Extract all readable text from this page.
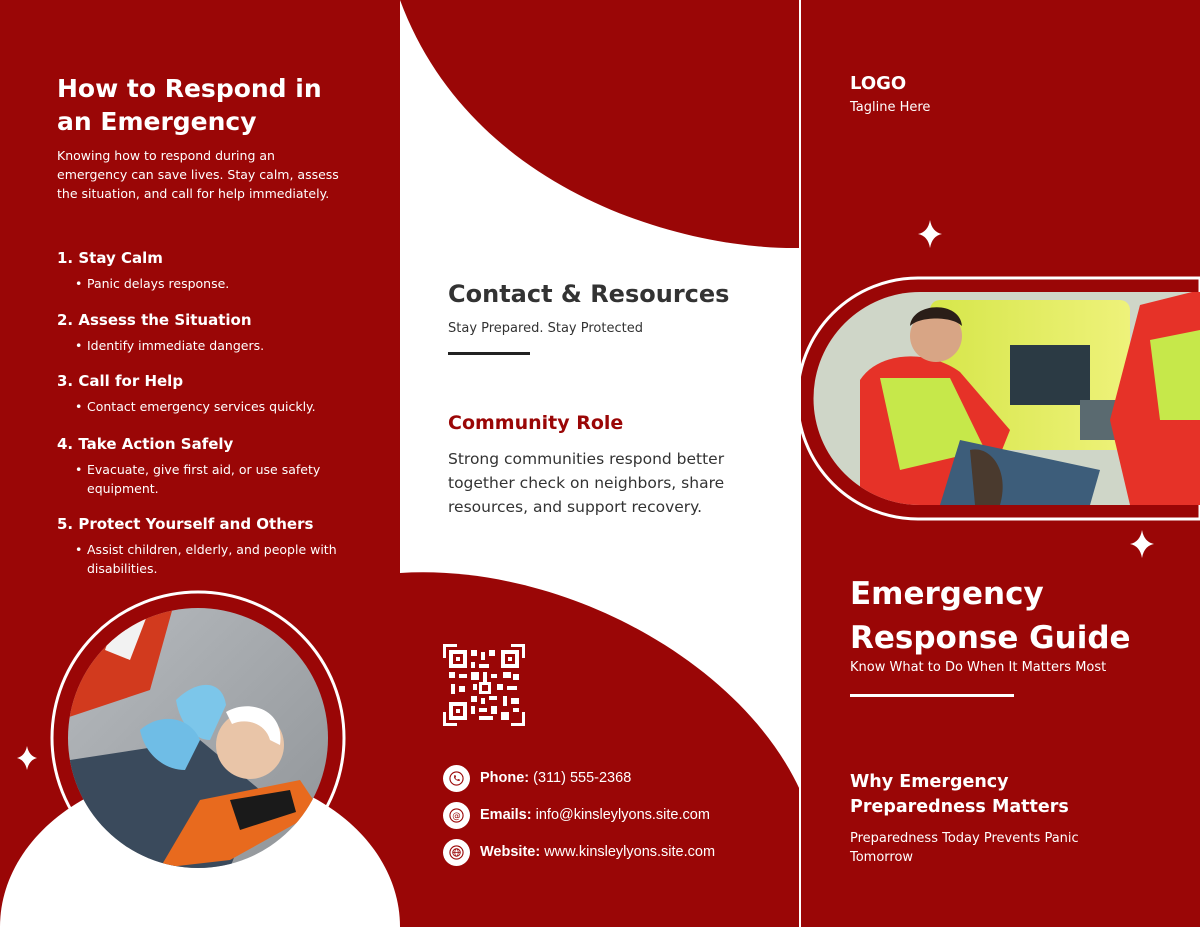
How to Respond in an Emergency
Knowing how to respond during an emergency can save lives. Stay calm, assess the situation, and call for help immediately.
1. Stay Calm
• Panic delays response.
2. Assess the Situation
• Identify immediate dangers.
3. Call for Help
• Contact emergency services quickly.
4. Take Action Safely
• Evacuate, give first aid, or use safety equipment.
5. Protect Yourself and Others
• Assist children, elderly, and people with disabilities.
Contact & Resources
Stay Prepared. Stay Protected
Community Role
Strong communities respond better together check on neighbors, share resources, and support recovery.
Phone: (311) 555-2368
@ Emails: info@kinsleylyons.site.com
Website: www.kinsleylyons.site.com
LOGO
Tagline Here
Emergency Response Guide
Know What to Do When It Matters Most
Why Emergency Preparedness Matters
Preparedness Today Prevents Panic Tomorrow
